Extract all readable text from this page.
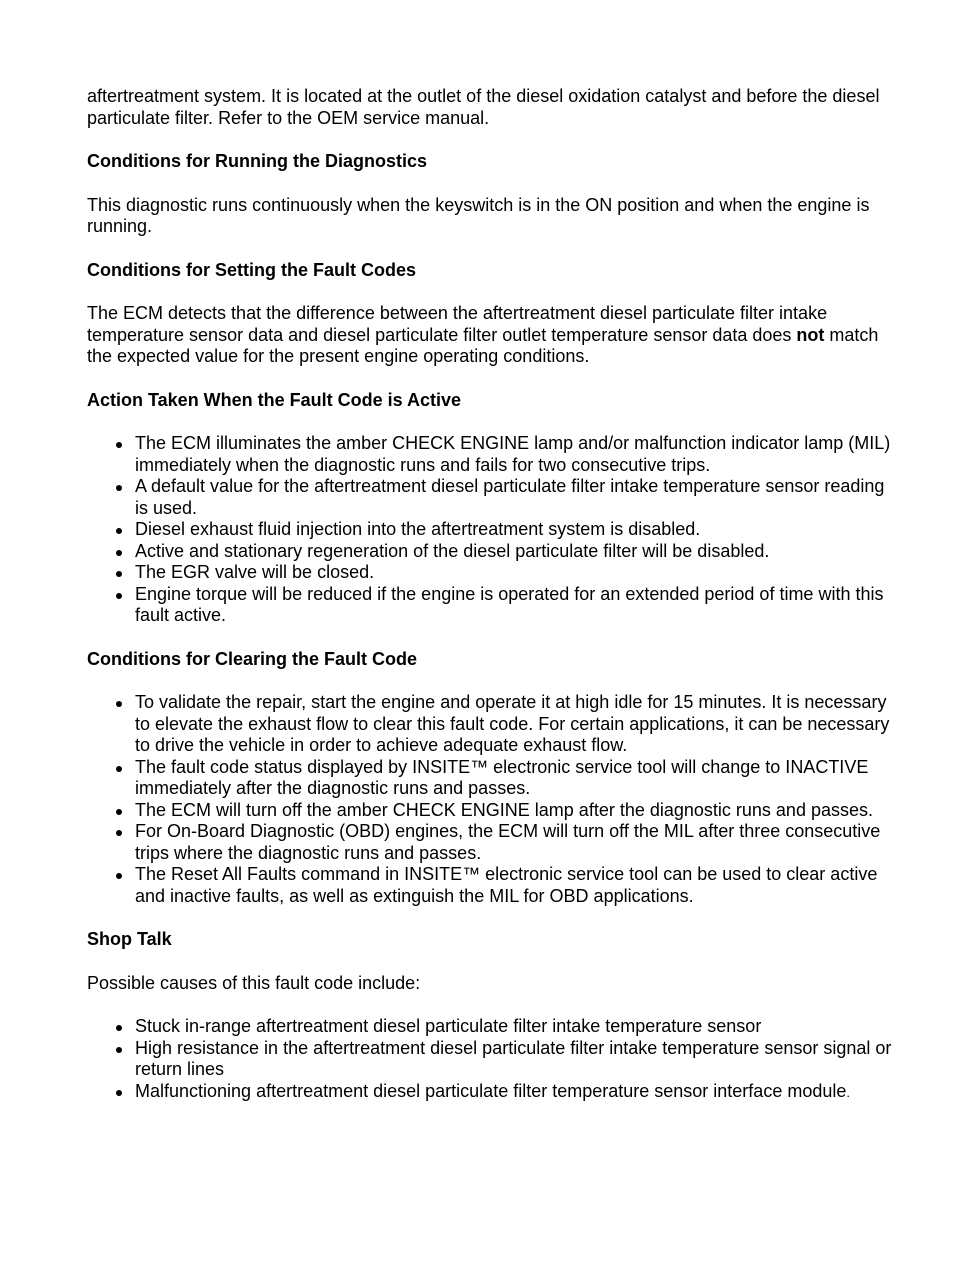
aftertreatment system. It is located at the outlet of the diesel oxidation catalyst and before the diesel particulate filter. Refer to the OEM service manual.

Conditions for Running the Diagnostics

This diagnostic runs continuously when the keyswitch is in the ON position and when the engine is running.

Conditions for Setting the Fault Codes

The ECM detects that the difference between the aftertreatment diesel particulate filter intake temperature sensor data and diesel particulate filter outlet temperature sensor data does not match the expected value for the present engine operating conditions.

Action Taken When the Fault Code is Active
The ECM illuminates the amber CHECK ENGINE lamp and/or malfunction indicator lamp (MIL) immediately when the diagnostic runs and fails for two consecutive trips.
A default value for the aftertreatment diesel particulate filter intake temperature sensor reading is used.
Diesel exhaust fluid injection into the aftertreatment system is disabled.
Active and stationary regeneration of the diesel particulate filter will be disabled.
The EGR valve will be closed.
Engine torque will be reduced if the engine is operated for an extended period of time with this fault active.
Conditions for Clearing the Fault Code
To validate the repair, start the engine and operate it at high idle for 15 minutes. It is necessary to elevate the exhaust flow to clear this fault code. For certain applications, it can be necessary to drive the vehicle in order to achieve adequate exhaust flow.
The fault code status displayed by INSITE™ electronic service tool will change to INACTIVE immediately after the diagnostic runs and passes.
The ECM will turn off the amber CHECK ENGINE lamp after the diagnostic runs and passes.
For On-Board Diagnostic (OBD) engines, the ECM will turn off the MIL after three consecutive trips where the diagnostic runs and passes.
The Reset All Faults command in INSITE™ electronic service tool can be used to clear active and inactive faults, as well as extinguish the MIL for OBD applications.
Shop Talk

Possible causes of this fault code include:

Stuck in-range aftertreatment diesel particulate filter intake temperature sensor
High resistance in the aftertreatment diesel particulate filter intake temperature sensor signal or return lines
Malfunctioning aftertreatment diesel particulate filter temperature sensor interface module.
